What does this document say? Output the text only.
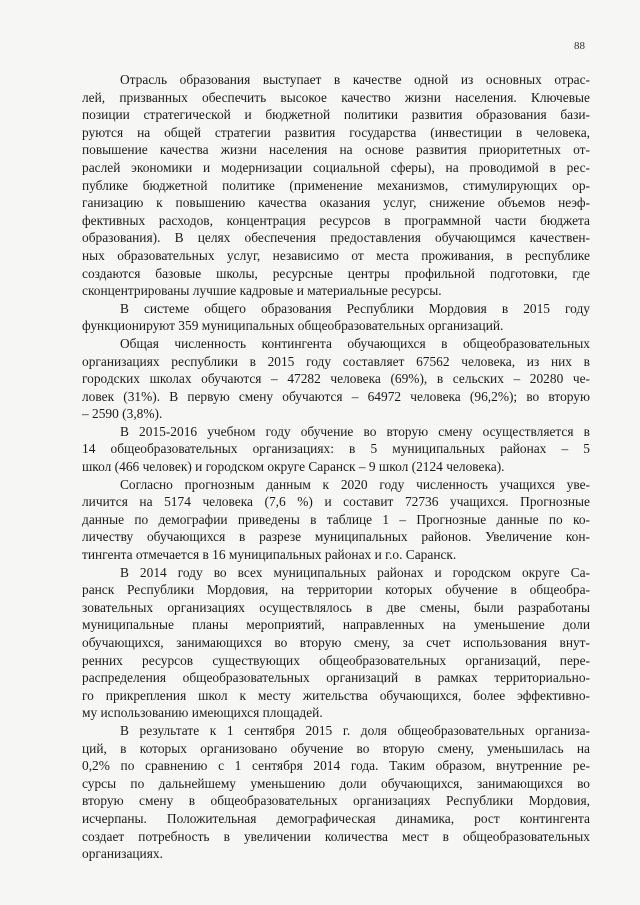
88
Отрасль образования выступает в качестве одной из основных отрас-
лей, призванных обеспечить высокое качество жизни населения. Ключевые
позиции стратегической и бюджетной политики развития образования бази-
руются на общей стратегии развития государства (инвестиции в человека,
повышение качества жизни населения на основе развития приоритетных от-
раслей экономики и модернизации социальной сферы), на проводимой в рес-
публике бюджетной политике (применение механизмов, стимулирующих ор-
ганизацию к повышению качества оказания услуг, снижение объемов неэф-
фективных расходов, концентрация ресурсов в программной части бюджета
образования). В целях обеспечения предоставления обучающимся качествен-
ных образовательных услуг, независимо от места проживания, в республике
создаются базовые школы, ресурсные центры профильной подготовки, где
сконцентрированы лучшие кадровые и материальные ресурсы.
В системе общего образования Республики Мордовия в 2015 году
функционируют 359 муниципальных общеобразовательных организаций.
Общая численность контингента обучающихся в общеобразовательных
организациях республики в 2015 году составляет 67562 человека, из них в
городских школах обучаются – 47282 человека (69%), в сельских – 20280 че-
ловек (31%). В первую смену обучаются – 64972 человека (96,2%); во вторую
– 2590 (3,8%).
В 2015-2016 учебном году обучение во вторую смену осуществляется в
14 общеобразовательных организациях: в 5 муниципальных районах – 5
школ (466 человек) и городском округе Саранск – 9 школ (2124 человека).
Согласно прогнозным данным к 2020 году численность учащихся уве-
личится на 5174 человека (7,6 %) и составит 72736 учащихся. Прогнозные
данные по демографии приведены в таблице 1 – Прогнозные данные по ко-
личеству обучающихся в разрезе муниципальных районов. Увеличение кон-
тингента отмечается в 16 муниципальных районах и г.о. Саранск.
В 2014 году во всех муниципальных районах и городском округе Са-
ранск Республики Мордовия, на территории которых обучение в общеобра-
зовательных организациях осуществлялось в две смены, были разработаны
муниципальные планы мероприятий, направленных на уменьшение доли
обучающихся, занимающихся во вторую смену, за счет использования внут-
ренних ресурсов существующих общеобразовательных организаций, пере-
распределения общеобразовательных организаций в рамках территориально-
го прикрепления школ к месту жительства обучающихся, более эффективно-
му использованию имеющихся площадей.
В результате к 1 сентября 2015 г. доля общеобразовательных организа-
ций, в которых организовано обучение во вторую смену, уменьшилась на
0,2% по сравнению с 1 сентября 2014 года. Таким образом, внутренние ре-
сурсы по дальнейшему уменьшению доли обучающихся, занимающихся во
вторую смену в общеобразовательных организациях Республики Мордовия,
исчерпаны. Положительная демографическая динамика, рост контингента
создает потребность в увеличении количества мест в общеобразовательных
организациях.
